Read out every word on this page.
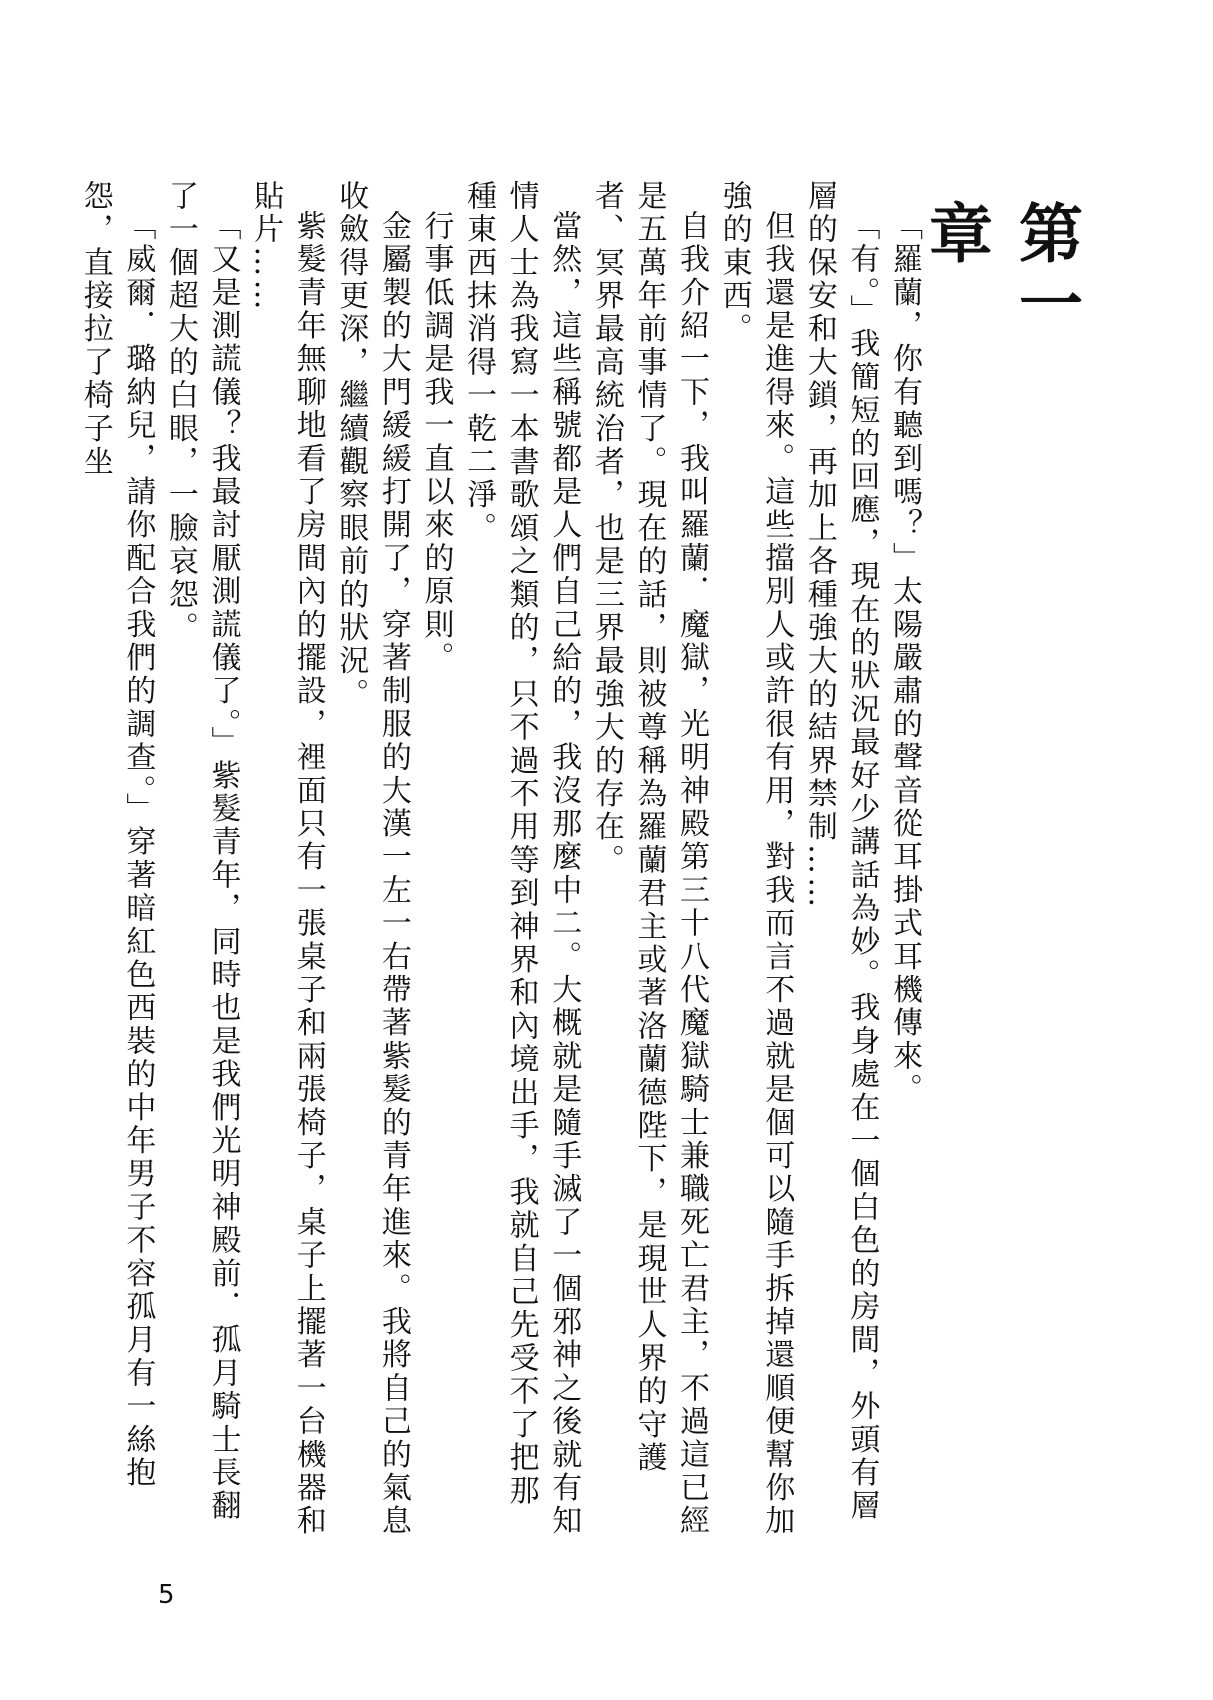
第一章

「羅蘭，你有聽到嗎？」太陽嚴肅的聲音從耳掛式耳機傳來。

「有。」我簡短的回應，現在的狀況最好少講話為妙。我身處在一個白色的房間，外頭有層層的保安和大鎖，再加上各種強大的結界禁制……

但我還是進得來。這些擋別人或許很有用，對我而言不過就是個可以隨手拆掉還順便幫你加強的東西。

自我介紹一下，我叫羅蘭．魔獄，光明神殿第三十八代魔獄騎士兼職死亡君主，不過這已經是五萬年前事情了。現在的話，則被尊稱為羅蘭君主或著洛蘭德陛下，是現世人界的守護者、冥界最高統治者，也是三界最強大的存在。

當然，這些稱號都是人們自己給的，我沒那麼中二。大概就是隨手滅了一個邪神之後就有知情人士為我寫一本書歌頌之類的，只不過不用等到神界和內境出手，我就自己先受不了把那種東西抹消得一乾二淨。

行事低調是我一直以來的原則。

金屬製的大門緩緩打開了，穿著制服的大漢一左一右帶著紫髮的青年進來。我將自己的氣息收斂得更深，繼續觀察眼前的狀況。

紫髮青年無聊地看了房間內的擺設，裡面只有一張桌子和兩張椅子，桌子上擺著一台機器和貼片……

「又是測謊儀？我最討厭測謊儀了。」紫髮青年，同時也是我們光明神殿前．孤月騎士長翻了一個超大的白眼，一臉哀怨。

「威爾．璐納兒，請你配合我們的調查。」穿著暗紅色西裝的中年男子不容孤月有一絲抱怨，直接拉了椅子坐

5
